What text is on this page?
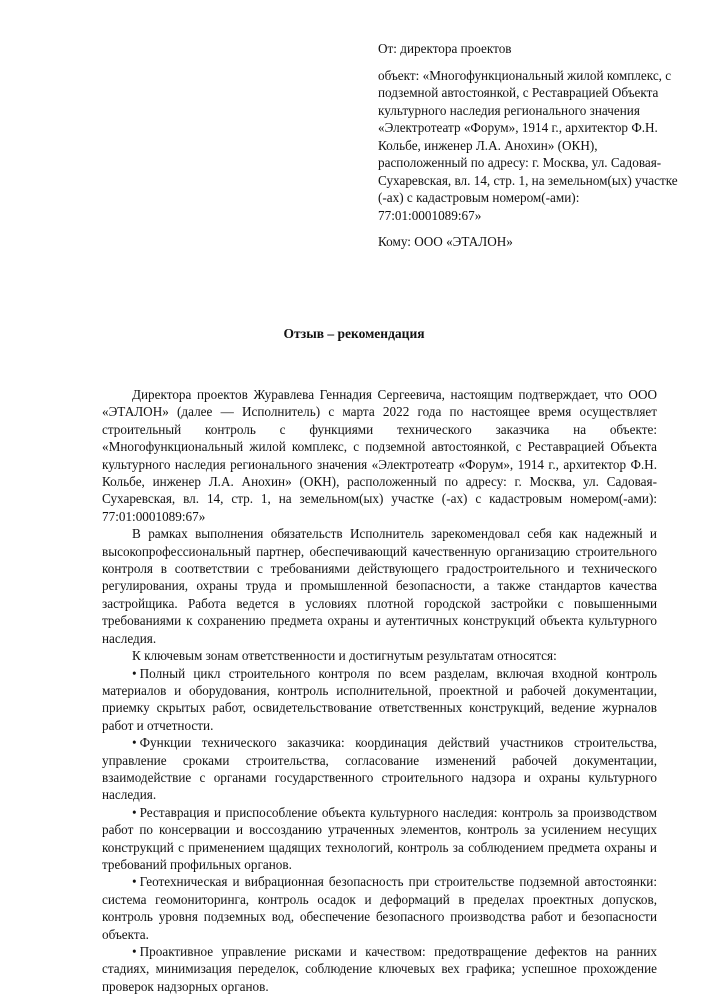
От: директора проектов

объект: «Многофункциональный жилой комплекс, с подземной автостоянкой, с Реставрацией Объекта культурного наследия регионального значения «Электротеатр «Форум», 1914 г., архитектор Ф.Н. Кольбе, инженер Л.А. Анохин» (ОКН), расположенный по адресу: г. Москва, ул. Садовая-Сухаревская, вл. 14, стр. 1, на земельном(ых) участке (-ах) с кадастровым номером(-ами): 77:01:0001089:67»

Кому: ООО «ЭТАЛОН»

Отзыв – рекомендация

Директора проектов Журавлева Геннадия Сергеевича, настоящим подтверждает, что ООО «ЭТАЛОН» (далее — Исполнитель) с марта 2022 года по настоящее время осуществляет строительный контроль с функциями технического заказчика на объекте: «Многофункциональный жилой комплекс, с подземной автостоянкой, с Реставрацией Объекта культурного наследия регионального значения «Электротеатр «Форум», 1914 г., архитектор Ф.Н. Кольбе, инженер Л.А. Анохин» (ОКН), расположенный по адресу: г. Москва, ул. Садовая-Сухаревская, вл. 14, стр. 1, на земельном(ых) участке (-ах) с кадастровым номером(-ами): 77:01:0001089:67»

В рамках выполнения обязательств Исполнитель зарекомендовал себя как надежный и высокопрофессиональный партнер, обеспечивающий качественную организацию строительного контроля в соответствии с требованиями действующего градостроительного и технического регулирования, охраны труда и промышленной безопасности, а также стандартов качества застройщика. Работа ведется в условиях плотной городской застройки с повышенными требованиями к сохранению предмета охраны и аутентичных конструкций объекта культурного наследия.

К ключевым зонам ответственности и достигнутым результатам относятся:

• Полный цикл строительного контроля по всем разделам, включая входной контроль материалов и оборудования, контроль исполнительной, проектной и рабочей документации, приемку скрытых работ, освидетельствование ответственных конструкций, ведение журналов работ и отчетности.

• Функции технического заказчика: координация действий участников строительства, управление сроками строительства, согласование изменений рабочей документации, взаимодействие с органами государственного строительного надзора и охраны культурного наследия.

• Реставрация и приспособление объекта культурного наследия: контроль за производством работ по консервации и воссозданию утраченных элементов, контроль за усилением несущих конструкций с применением щадящих технологий, контроль за соблюдением предмета охраны и требований профильных органов.

• Геотехническая и вибрационная безопасность при строительстве подземной автостоянки: система геомониторинга, контроль осадок и деформаций в пределах проектных допусков, контроль уровня подземных вод, обеспечение безопасного производства работ и безопасности объекта.

• Проактивное управление рисками и качеством: предотвращение дефектов на ранних стадиях, минимизация переделок, соблюдение ключевых вех графика; успешное прохождение проверок надзорных органов.
